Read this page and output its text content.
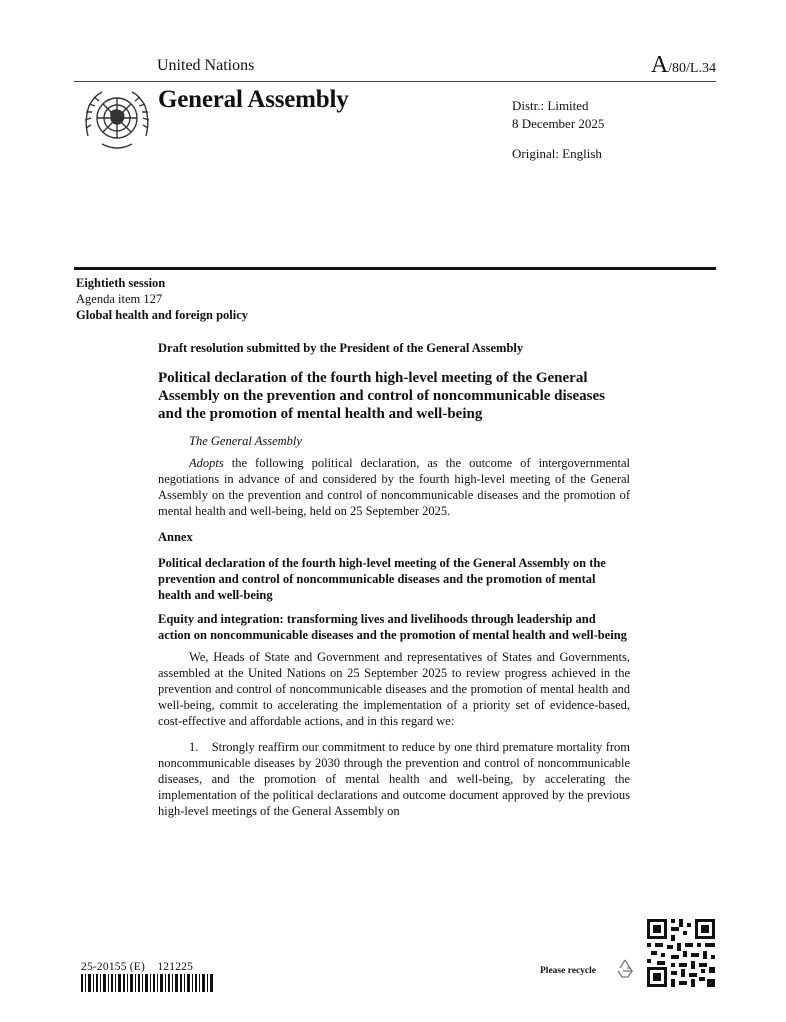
United Nations	A/80/L.34
General Assembly	Distr.: Limited
8 December 2025
Original: English
Eightieth session
Agenda item 127
Global health and foreign policy
Draft resolution submitted by the President of the General Assembly
Political declaration of the fourth high-level meeting of the General Assembly on the prevention and control of noncommunicable diseases and the promotion of mental health and well-being
The General Assembly

Adopts the following political declaration, as the outcome of intergovernmental negotiations in advance of and considered by the fourth high-level meeting of the General Assembly on the prevention and control of noncommunicable diseases and the promotion of mental health and well-being, held on 25 September 2025.

Annex
Political declaration of the fourth high-level meeting of the General Assembly on the prevention and control of noncommunicable diseases and the promotion of mental health and well-being
Equity and integration: transforming lives and livelihoods through leadership and action on noncommunicable diseases and the promotion of mental health and well-being

We, Heads of State and Government and representatives of States and Governments, assembled at the United Nations on 25 September 2025 to review progress achieved in the prevention and control of noncommunicable diseases and the promotion of mental health and well-being, commit to accelerating the implementation of a priority set of evidence-based, cost-effective and affordable actions, and in this regard we:

1. Strongly reaffirm our commitment to reduce by one third premature mortality from noncommunicable diseases by 2030 through the prevention and control of noncommunicable diseases, and the promotion of mental health and well-being, by accelerating the implementation of the political declarations and outcome document approved by the previous high-level meetings of the General Assembly on

25-20155 (E)    121225	Please recycle
